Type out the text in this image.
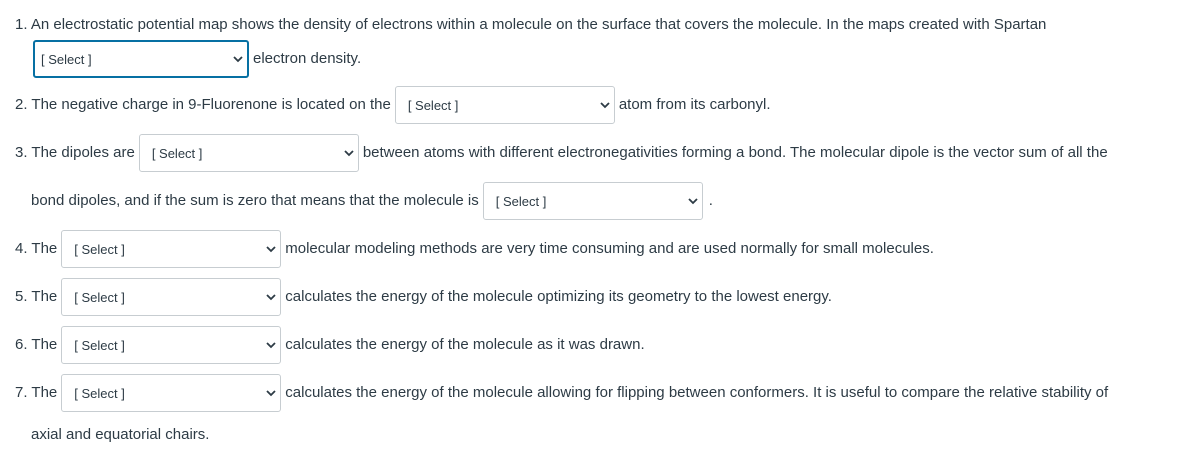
1. An electrostatic potential map shows the density of electrons within a molecule on the surface that covers the molecule. In the maps created with Spartan
[ Select ]	electron density.
2. The negative charge in 9-Fluorenone is located on the [ Select ]	atom from its carbonyl.
3. The dipoles are [ Select ]	between atoms with different electronegativities forming a bond. The molecular dipole is the vector sum of all the
bond dipoles, and if the sum is zero that means that the molecule is [ Select ]	.
4. The [ Select ]	molecular modeling methods are very time consuming and are used normally for small molecules.
5. The [ Select ]	calculates the energy of the molecule optimizing its geometry to the lowest energy.
6. The [ Select ]	calculates the energy of the molecule as it was drawn.
7. The [ Select ]	calculates the energy of the molecule allowing for flipping between conformers. It is useful to compare the relative stability of
axial and equatorial chairs.
